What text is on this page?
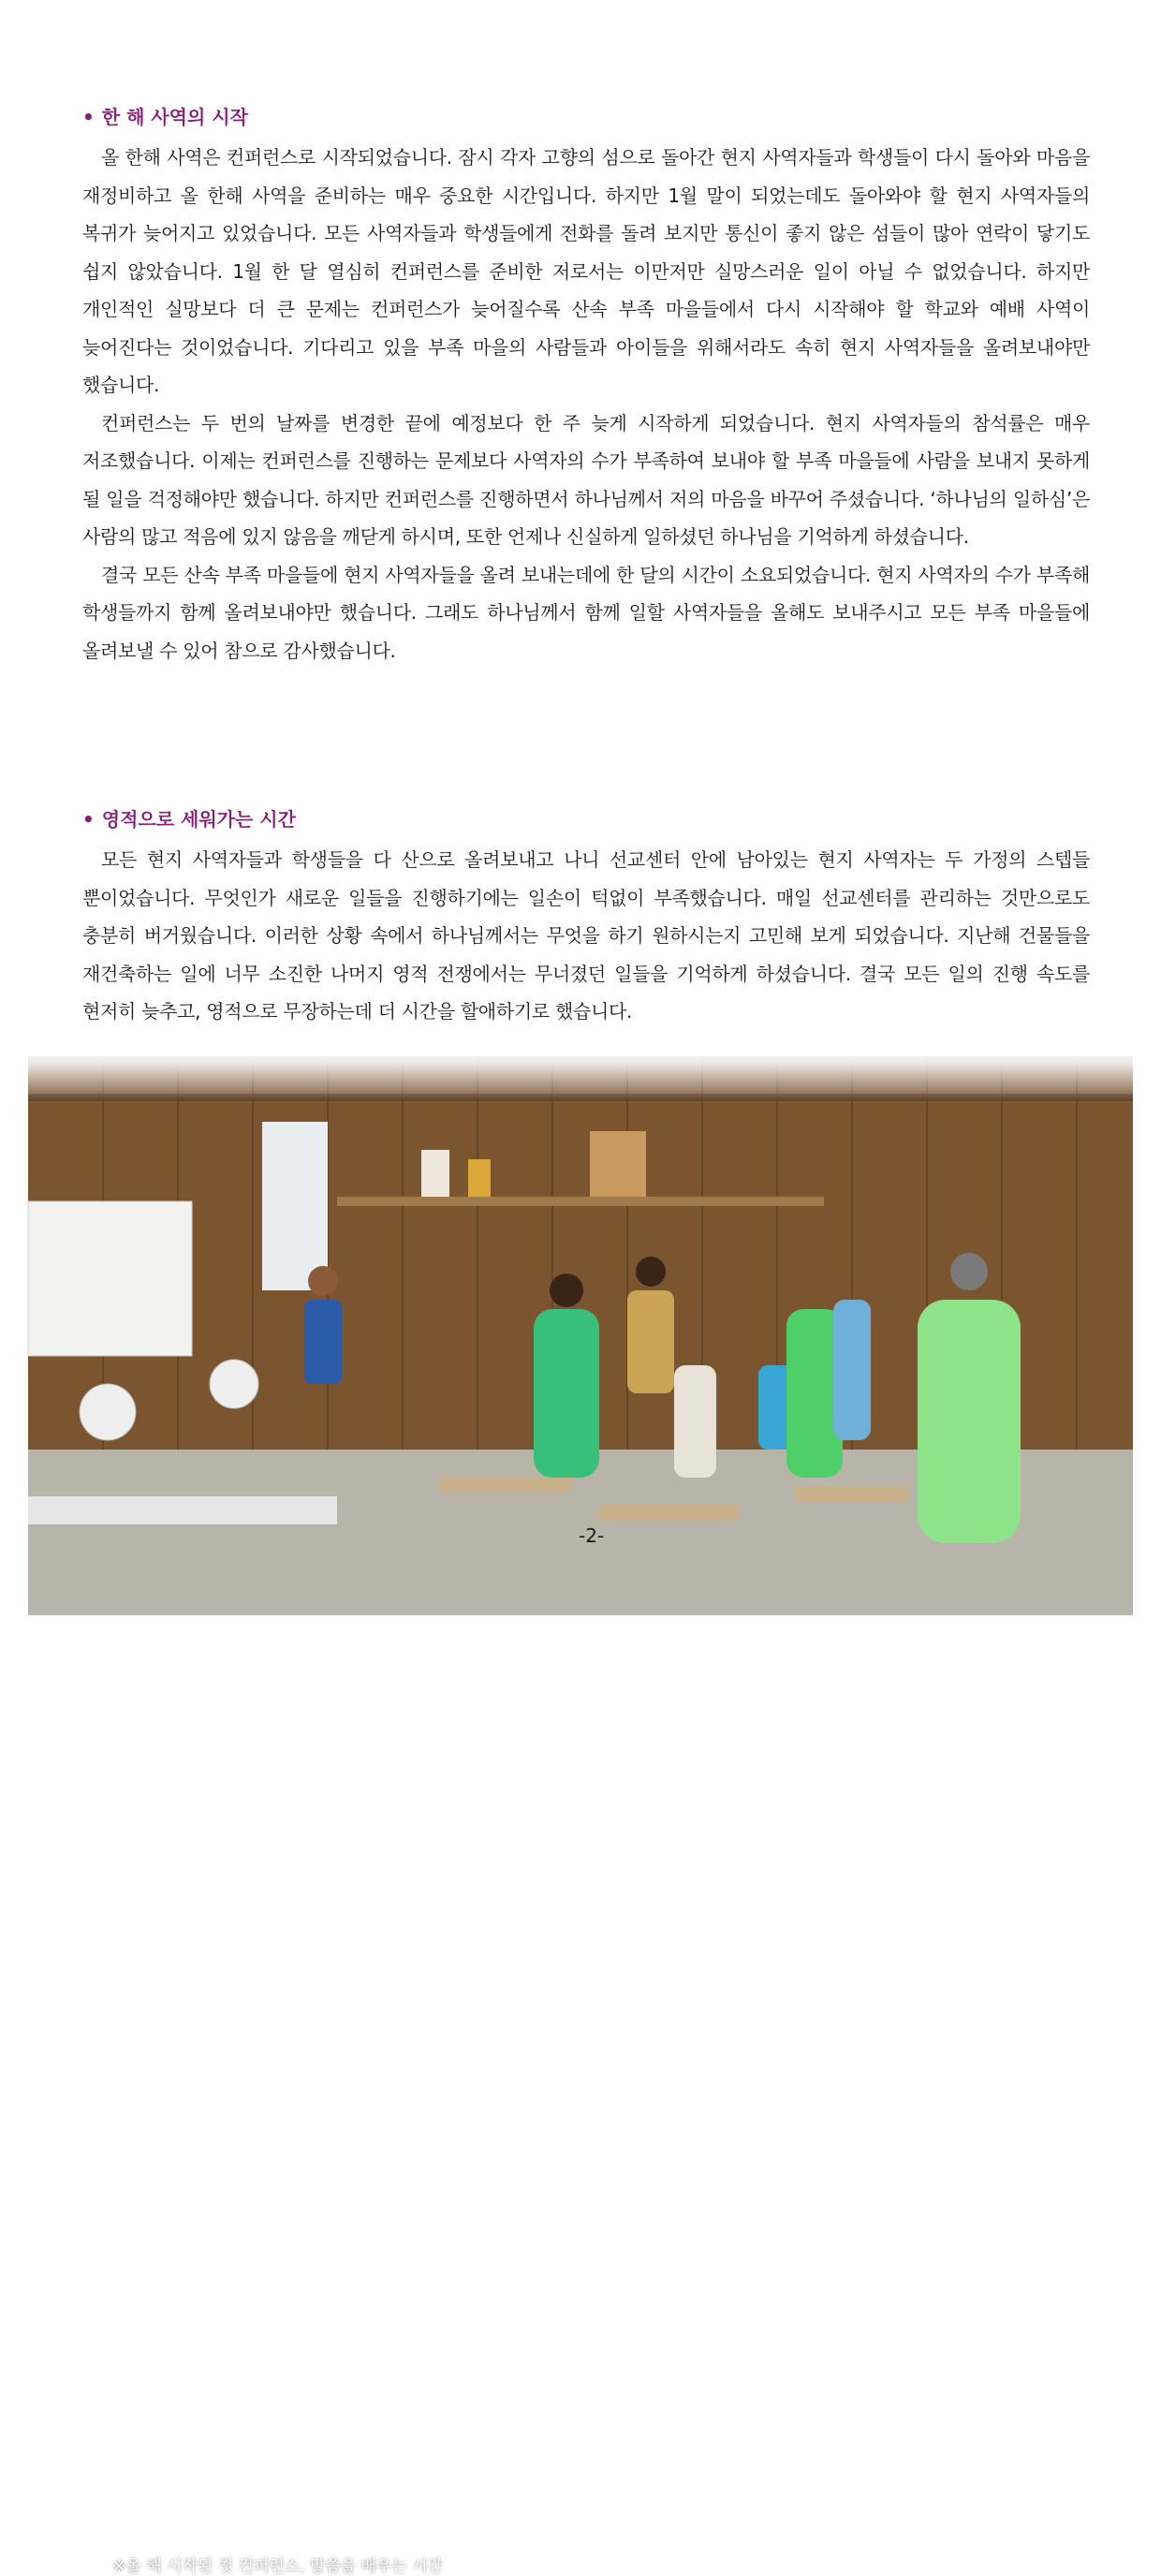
• 한 해 사역의 시작

올 한해 사역은 컨퍼런스로 시작되었습니다. 잠시 각자 고향의 섬으로 돌아간 현지 사역자들과 학생들이 다시 돌아와 마음을 재정비하고 올 한해 사역을 준비하는 매우 중요한 시간입니다. 하지만 1월 말이 되었는데도 돌아와야 할 현지 사역자들의 복귀가 늦어지고 있었습니다. 모든 사역자들과 학생들에게 전화를 돌려 보지만 통신이 좋지 않은 섬들이 많아 연락이 닿기도 쉽지 않았습니다. 1월 한 달 열심히 컨퍼런스를 준비한 저로서는 이만저만 실망스러운 일이 아닐 수 없었습니다. 하지만 개인적인 실망보다 더 큰 문제는 컨퍼런스가 늦어질수록 산속 부족 마을들에서 다시 시작해야 할 학교와 예배 사역이 늦어진다는 것이었습니다. 기다리고 있을 부족 마을의 사람들과 아이들을 위해서라도 속히 현지 사역자들을 올려보내야만 했습니다.

컨퍼런스는 두 번의 날짜를 변경한 끝에 예정보다 한 주 늦게 시작하게 되었습니다. 현지 사역자들의 참석률은 매우 저조했습니다. 이제는 컨퍼런스를 진행하는 문제보다 사역자의 수가 부족하여 보내야 할 부족 마을들에 사람을 보내지 못하게 될 일을 걱정해야만 했습니다. 하지만 컨퍼런스를 진행하면서 하나님께서 저의 마음을 바꾸어 주셨습니다. ‘하나님의 일하심’은 사람의 많고 적음에 있지 않음을 깨닫게 하시며, 또한 언제나 신실하게 일하셨던 하나님을 기억하게 하셨습니다.

결국 모든 산속 부족 마을들에 현지 사역자들을 올려 보내는데에 한 달의 시간이 소요되었습니다. 현지 사역자의 수가 부족해 학생들까지 함께 올려보내야만 했습니다. 그래도 하나님께서 함께 일할 사역자들을 올해도 보내주시고 모든 부족 마을들에 올려보낼 수 있어 참으로 감사했습니다.

• 영적으로 세워가는 시간

모든 현지 사역자들과 학생들을 다 산으로 올려보내고 나니 선교센터 안에 남아있는 현지 사역자는 두 가정의 스텝들 뿐이었습니다. 무엇인가 새로운 일들을 진행하기에는 일손이 턱없이 부족했습니다. 매일 선교센터를 관리하는 것만으로도 충분히 버거웠습니다. 이러한 상황 속에서 하나님께서는 무엇을 하기 원하시는지 고민해 보게 되었습니다. 지난해 건물들을 재건축하는 일에 너무 소진한 나머지 영적 전쟁에서는 무너졌던 일들을 기억하게 하셨습니다. 결국 모든 일의 진행 속도를 현저히 늦추고, 영적으로 무장하는데 더 시간을 할애하기로 했습니다.

※올 해 시작된 첫 컨퍼런스. 말씀을 배우는 시간
-2-
